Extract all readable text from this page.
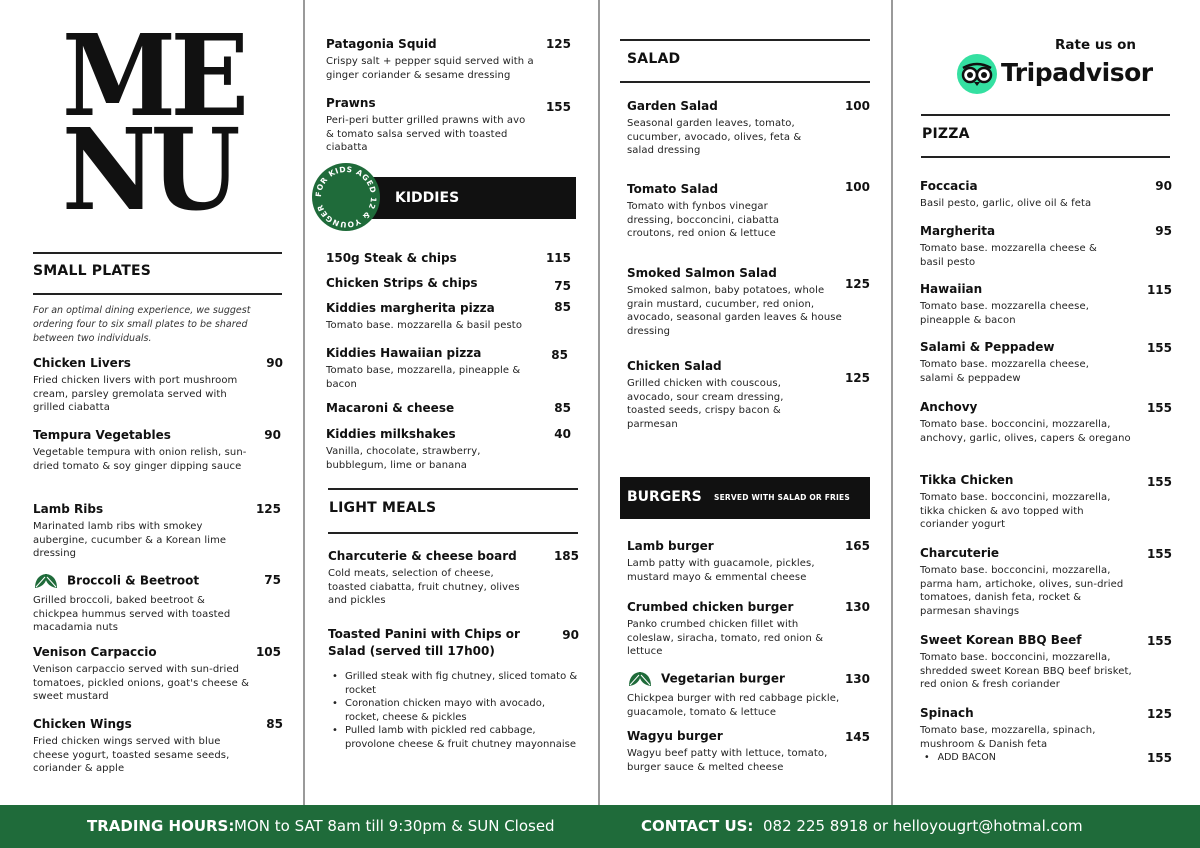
ME
NU
SMALL PLATES
For an optimal dining experience, we suggest ordering four to six small plates to be shared between two individuals.
Chicken Livers
Fried chicken livers with port mushroom cream, parsley gremolata served with grilled ciabatta
90
Tempura Vegetables
Vegetable tempura with onion relish, sun-dried tomato & soy ginger dipping sauce
90
Lamb Ribs
Marinated lamb ribs with smokey aubergine, cucumber & a Korean lime dressing
125
Broccoli & Beetroot
Grilled broccoli, baked beetroot & chickpea hummus served with toasted macadamia nuts
75
Venison Carpaccio
Venison carpaccio served with sun-dried tomatoes, pickled onions, goat's cheese & sweet mustard
105
Chicken Wings
Fried chicken wings served with blue cheese yogurt, toasted sesame seeds, coriander & apple
85
Patagonia Squid
Crispy salt + pepper squid served with a ginger coriander & sesame dressing
125
Prawns
Peri-peri butter grilled prawns with avo & tomato salsa served with toasted ciabatta
155
KIDDIES
FOR KIDS AGED 12 & YOUNGER
150g Steak & chips	115
Chicken Strips & chips	75
Kiddies margherita pizza
Tomato base. mozzarella & basil pesto
85
Kiddies Hawaiian pizza
Tomato base, mozzarella, pineapple & bacon
85
Macaroni & cheese	85
Kiddies milkshakes
Vanilla, chocolate, strawberry, bubblegum, lime or banana
40
LIGHT MEALS
Charcuterie & cheese board
Cold meats, selection of cheese, toasted ciabatta, fruit chutney, olives and pickles
185
Toasted Panini with Chips or
Salad (served till 17h00)
90
• Grilled steak with fig chutney, sliced tomato & rocket
• Coronation chicken mayo with avocado, rocket, cheese & pickles
• Pulled lamb with pickled red cabbage, provolone cheese & fruit chutney mayonnaise
SALAD
Garden Salad
Seasonal garden leaves, tomato, cucumber, avocado, olives, feta & salad dressing
100
Tomato Salad
Tomato with fynbos vinegar dressing, bocconcini, ciabatta croutons, red onion & lettuce
100
Smoked Salmon Salad
Smoked salmon, baby potatoes, whole grain mustard, cucumber, red onion, avocado, seasonal garden leaves & house dressing
125
Chicken Salad
Grilled chicken with couscous, avocado, sour cream dressing, toasted seeds, crispy bacon & parmesan
125
BURGERS SERVED WITH SALAD OR FRIES
Lamb burger
Lamb patty with guacamole, pickles, mustard mayo & emmental cheese
165
Crumbed chicken burger
Panko crumbed chicken fillet with coleslaw, siracha, tomato, red onion & lettuce
130
Vegetarian burger
Chickpea burger with red cabbage pickle, guacamole, tomato & lettuce
130
Wagyu burger
Wagyu beef patty with lettuce, tomato, burger sauce & melted cheese
145
Rate us on
Tripadvisor
PIZZA
Foccacia
Basil pesto, garlic, olive oil & feta
90
Margherita
Tomato base. mozzarella cheese & basil pesto
95
Hawaiian
Tomato base. mozzarella cheese, pineapple & bacon
115
Salami & Peppadew
Tomato base. mozzarella cheese, salami & peppadew
155
Anchovy
Tomato base. bocconcini, mozzarella, anchovy, garlic, olives, capers & oregano
155
Tikka Chicken
Tomato base. bocconcini, mozzarella, tikka chicken & avo topped with coriander yogurt
155
Charcuterie
Tomato base. bocconcini, mozzarella, parma ham, artichoke, olives, sun-dried tomatoes, danish feta, rocket & parmesan shavings
155
Sweet Korean BBQ Beef
Tomato base. bocconcini, mozzarella, shredded sweet Korean BBQ beef brisket, red onion & fresh coriander
155
Spinach
Tomato base, mozzarella, spinach, mushroom & Danish feta
125
• ADD BACON	155
TRADING HOURS: MON to SAT 8am till 9:30pm & SUN Closed	CONTACT US: 082 225 8918 or helloyougrt@hotmal.com
